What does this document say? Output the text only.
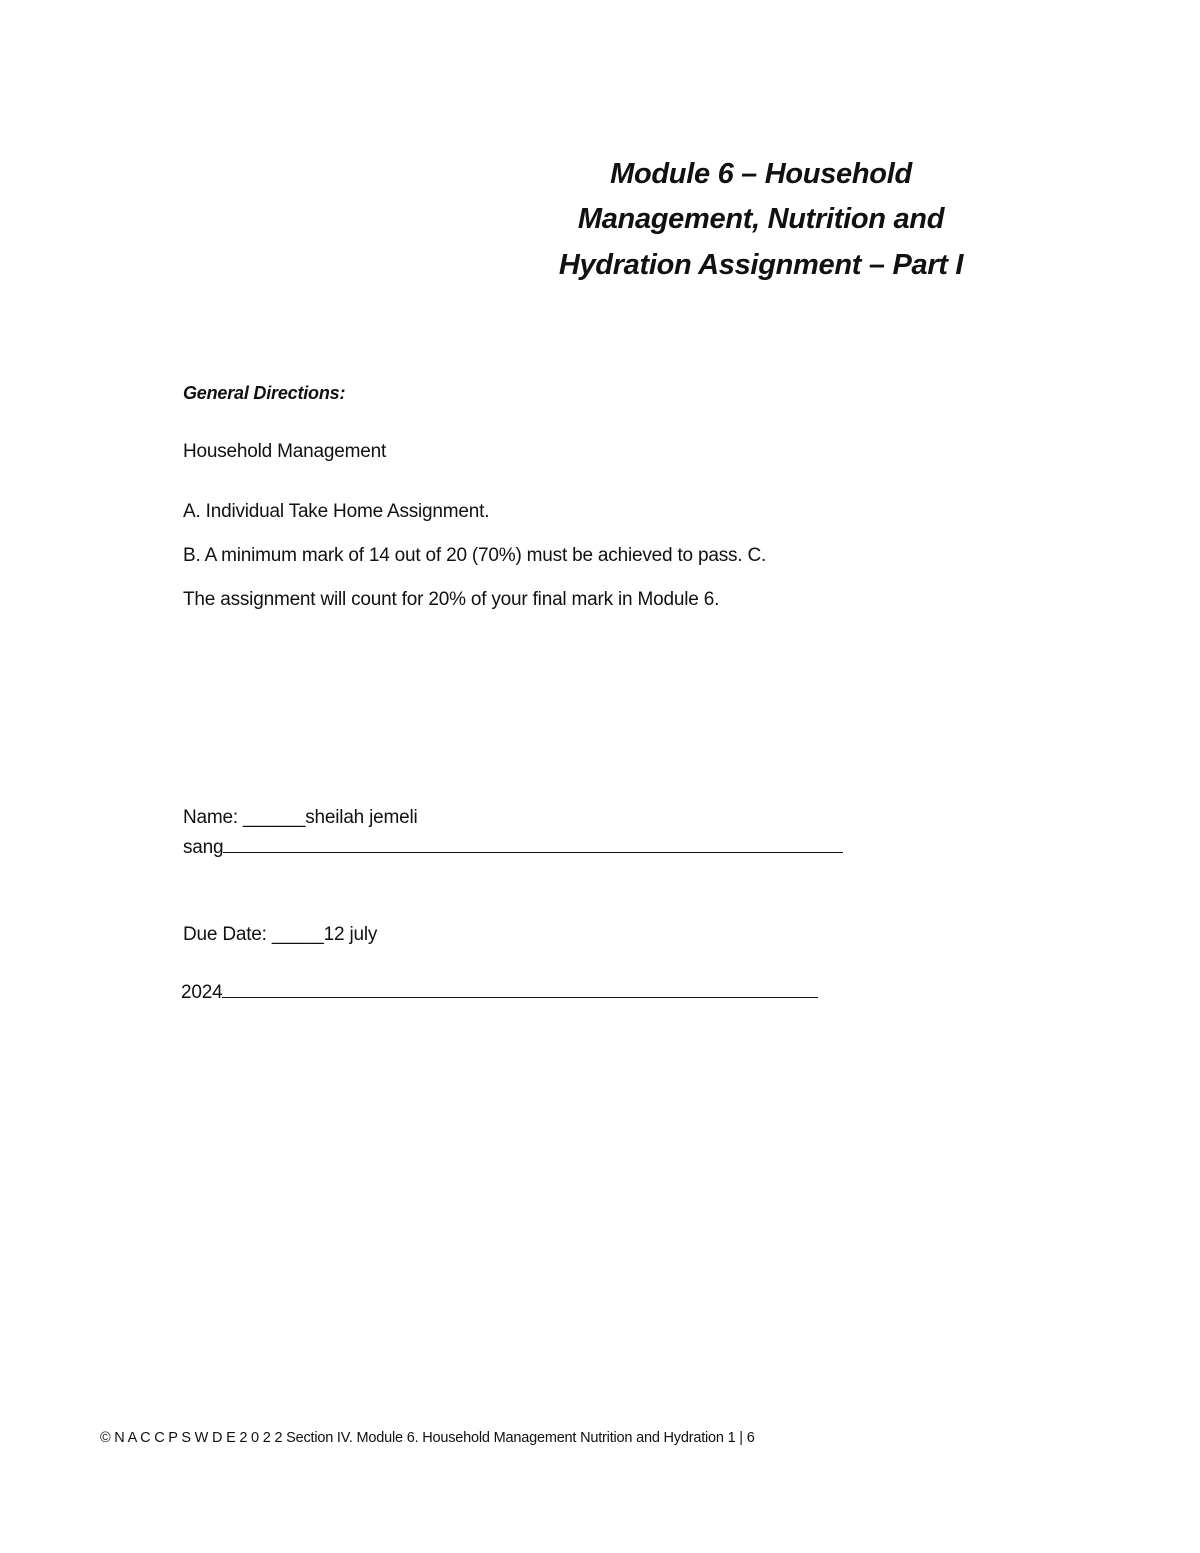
Module 6 – Household
Management, Nutrition and
Hydration Assignment – Part I
General Directions:
Household Management
A. Individual Take Home Assignment.
B. A minimum mark of 14 out of 20 (70%) must be achieved to pass. C.
The assignment will count for 20% of your final mark in Module 6.
Name: ______sheilah jemeli
sang
Due Date: _____12 july
2024
© N A C C P S W D E 2 0 2 2 Section IV. Module 6. Household Management Nutrition and Hydration 1 | 6
